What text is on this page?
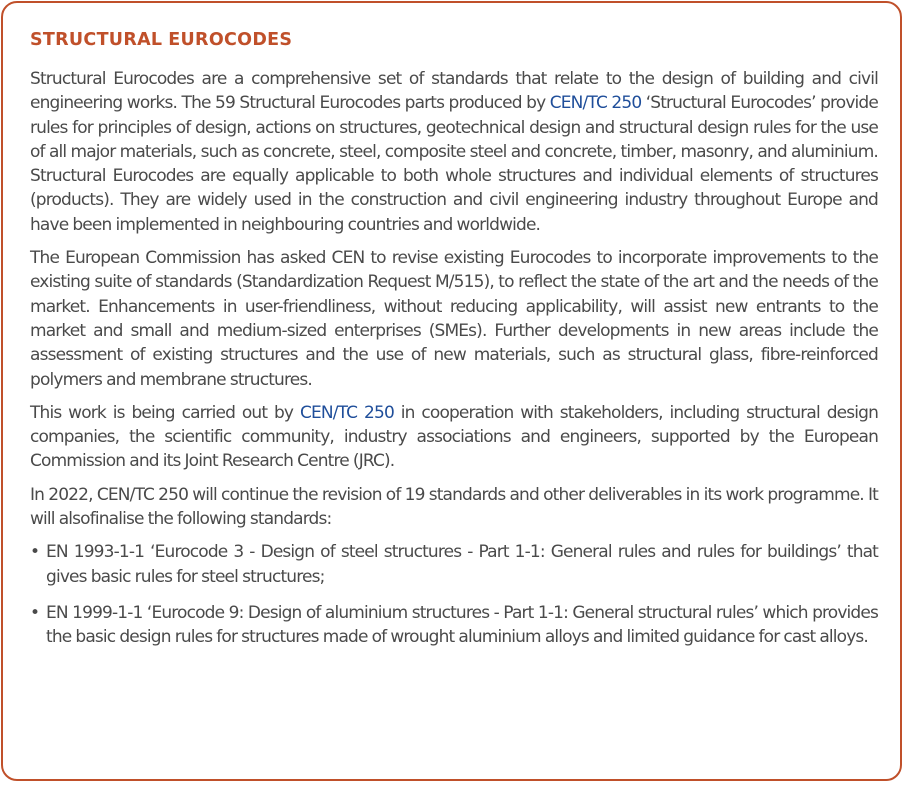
STRUCTURAL EUROCODES

Structural Eurocodes are a comprehensive set of standards that relate to the design of building and civil engineering works. The 59 Structural Eurocodes parts produced by CEN/TC 250 ‘Structural Eurocodes’ provide rules for principles of design, actions on structures, geotechnical design and structural design rules for the use of all major materials, such as concrete, steel, composite steel and concrete, timber, masonry, and aluminium. Structural Eurocodes are equally applicable to both whole structures and individual elements of structures (products). They are widely used in the construction and civil engineering industry throughout Europe and have been implemented in neighbouring countries and worldwide.

The European Commission has asked CEN to revise existing Eurocodes to incorporate improvements to the existing suite of standards (Standardization Request M/515), to reflect the state of the art and the needs of the market. Enhancements in user-friendliness, without reducing applicability, will assist new entrants to the market and small and medium-sized enterprises (SMEs). Further developments in new areas include the assessment of existing structures and the use of new materials, such as structural glass, fibre-reinforced polymers and membrane structures.

This work is being carried out by CEN/TC 250 in cooperation with stakeholders, including structural design companies, the scientific community, industry associations and engineers, supported by the European Commission and its Joint Research Centre (JRC).

In 2022, CEN/TC 250 will continue the revision of 19 standards and other deliverables in its work programme. It will alsofinalise the following standards:

• EN 1993-1-1 ‘Eurocode 3 - Design of steel structures - Part 1-1: General rules and rules for buildings’ that gives basic rules for steel structures;
• EN 1999-1-1 ‘Eurocode 9: Design of aluminium structures - Part 1-1: General structural rules’ which provides the basic design rules for structures made of wrought aluminium alloys and limited guidance for cast alloys.
